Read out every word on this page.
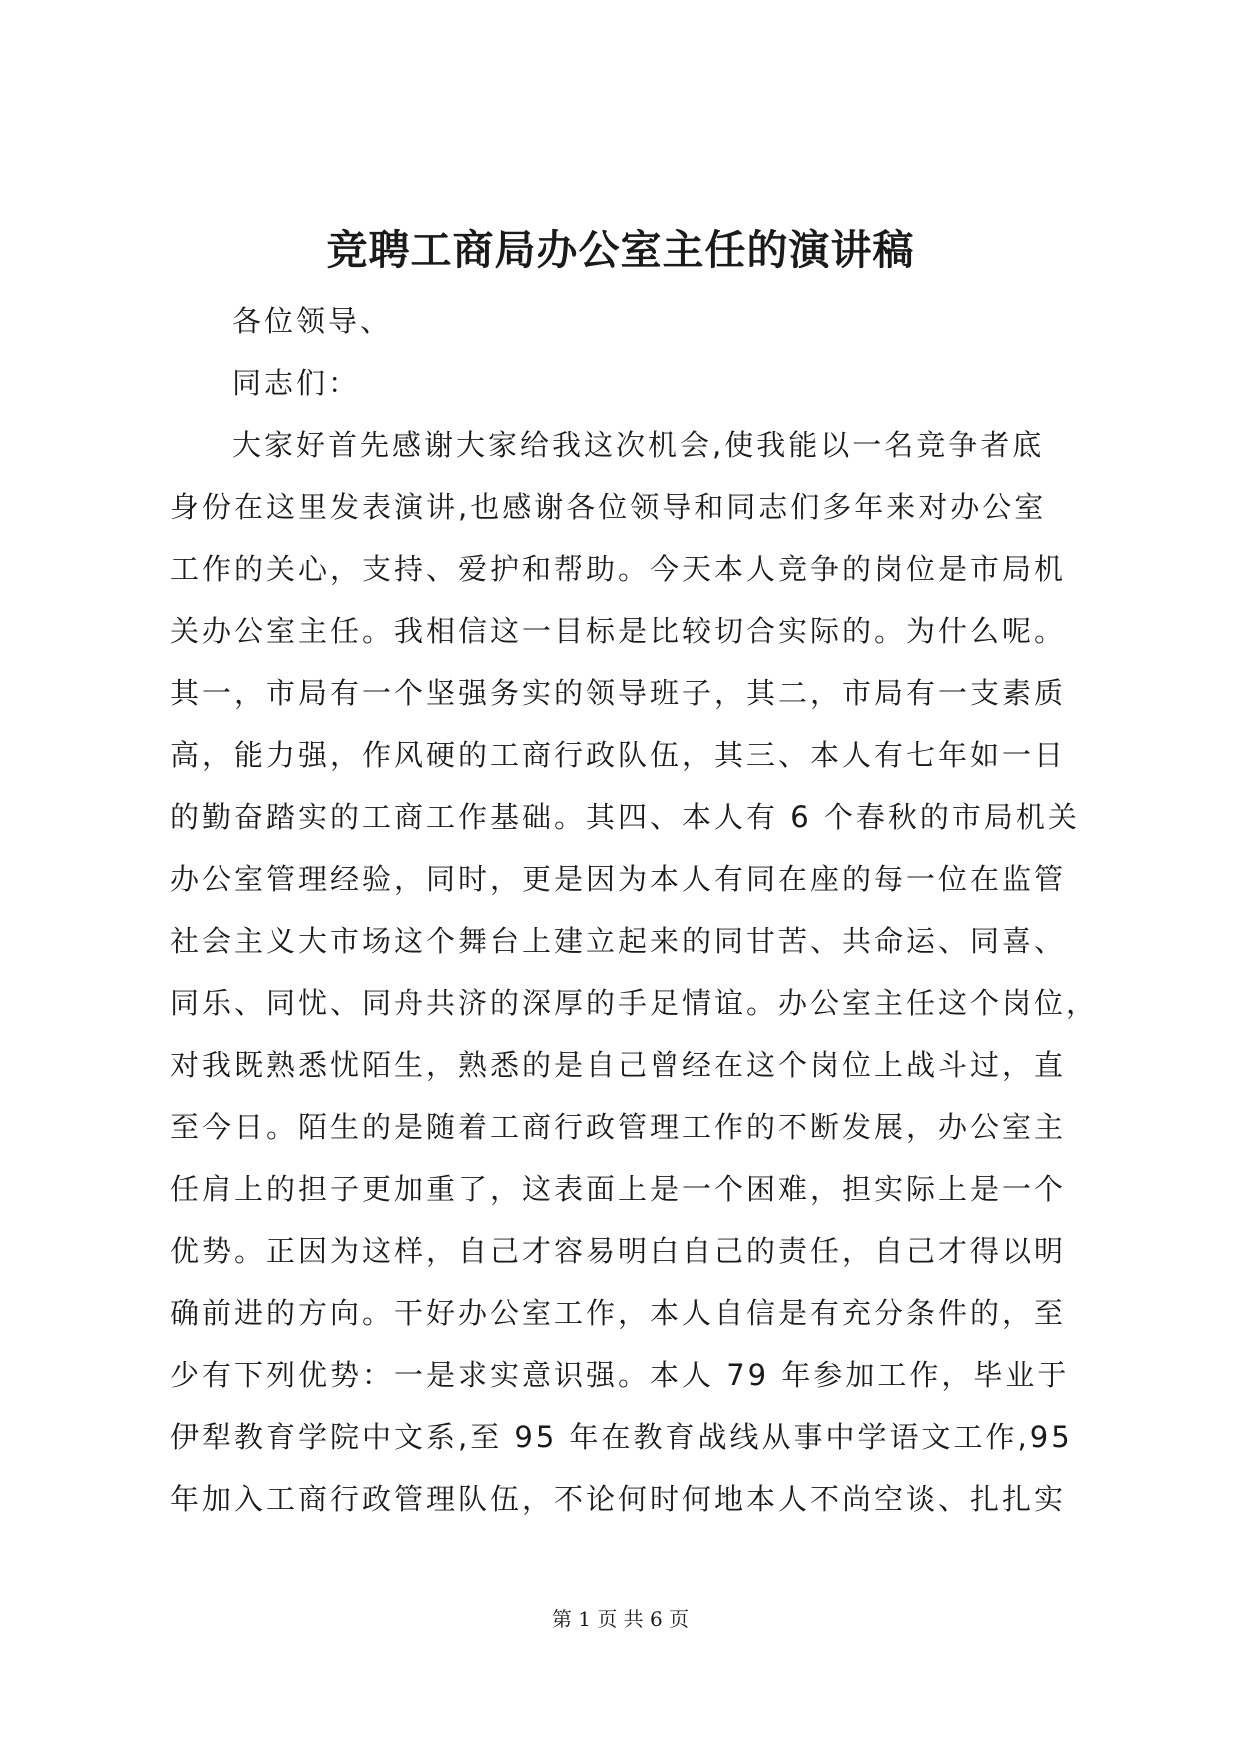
竞聘工商局办公室主任的演讲稿
各位领导、
同志们：
大家好首先感谢大家给我这次机会,使我能以一名竞争者底
身份在这里发表演讲,也感谢各位领导和同志们多年来对办公室
工作的关心，支持、爱护和帮助。今天本人竞争的岗位是市局机
关办公室主任。我相信这一目标是比较切合实际的。为什么呢。
其一，市局有一个坚强务实的领导班子，其二，市局有一支素质
高，能力强，作风硬的工商行政队伍，其三、本人有七年如一日
的勤奋踏实的工商工作基础。其四、本人有 6 个春秋的市局机关
办公室管理经验，同时，更是因为本人有同在座的每一位在监管
社会主义大市场这个舞台上建立起来的同甘苦、共命运、同喜、
同乐、同忧、同舟共济的深厚的手足情谊。办公室主任这个岗位，
对我既熟悉忧陌生，熟悉的是自己曾经在这个岗位上战斗过，直
至今日。陌生的是随着工商行政管理工作的不断发展，办公室主
任肩上的担子更加重了，这表面上是一个困难，担实际上是一个
优势。正因为这样，自己才容易明白自己的责任，自己才得以明
确前进的方向。干好办公室工作，本人自信是有充分条件的，至
少有下列优势：一是求实意识强。本人 79 年参加工作，毕业于
伊犁教育学院中文系,至 95 年在教育战线从事中学语文工作,95
年加入工商行政管理队伍，不论何时何地本人不尚空谈、扎扎实
第 1 页 共 6 页
